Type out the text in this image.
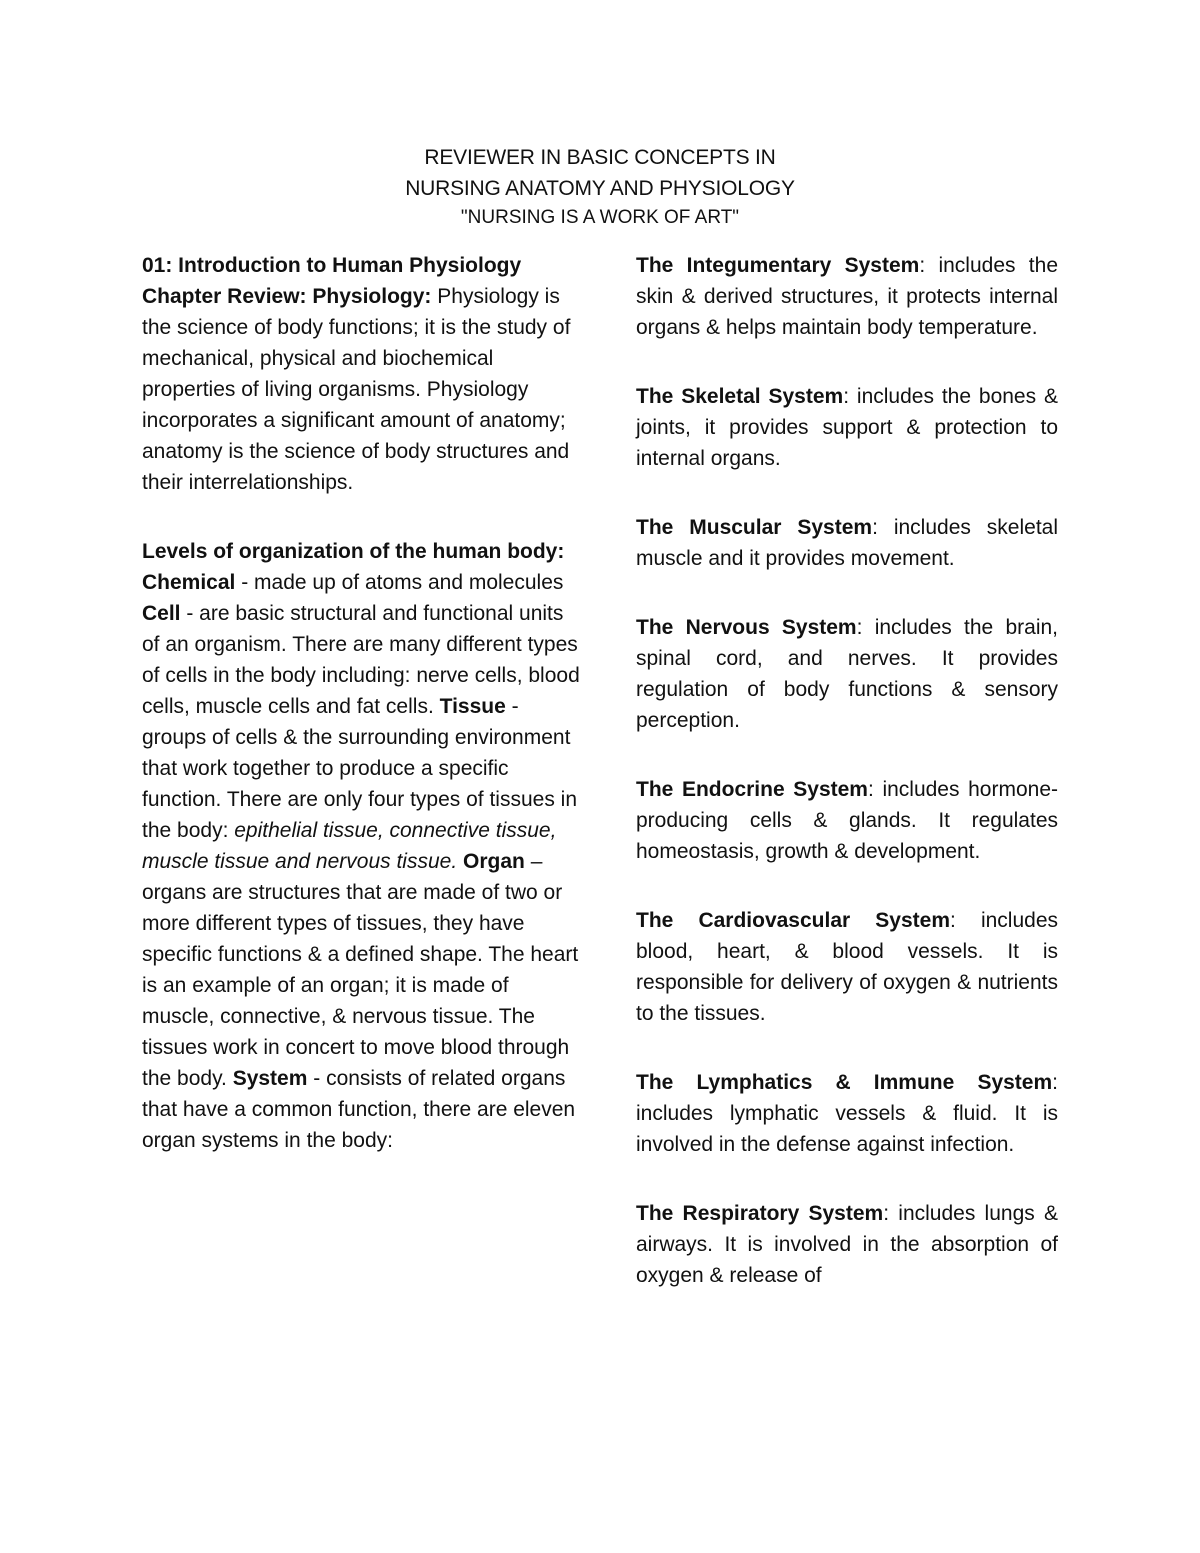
REVIEWER IN BASIC CONCEPTS IN
NURSING ANATOMY AND PHYSIOLOGY
"NURSING IS A WORK OF ART"

01: Introduction to Human Physiology Chapter Review: Physiology: Physiology is the science of body functions; it is the study of mechanical, physical and biochemical properties of living organisms. Physiology incorporates a significant amount of anatomy; anatomy is the science of body structures and their interrelationships.

Levels of organization of the human body: Chemical - made up of atoms and molecules Cell - are basic structural and functional units of an organism. There are many different types of cells in the body including: nerve cells, blood cells, muscle cells and fat cells. Tissue - groups of cells & the surrounding environment that work together to produce a specific function. There are only four types of tissues in the body: epithelial tissue, connective tissue, muscle tissue and nervous tissue. Organ – organs are structures that are made of two or more different types of tissues, they have specific functions & a defined shape. The heart is an example of an organ; it is made of muscle, connective, & nervous tissue. The tissues work in concert to move blood through the body. System - consists of related organs that have a common function, there are eleven organ systems in the body:

The Integumentary System: includes the skin & derived structures, it protects internal organs & helps maintain body temperature.

The Skeletal System: includes the bones & joints, it provides support & protection to internal organs.

The Muscular System: includes skeletal muscle and it provides movement.

The Nervous System: includes the brain, spinal cord, and nerves. It provides regulation of body functions & sensory perception.

The Endocrine System: includes hormone-producing cells & glands. It regulates homeostasis, growth & development.

The Cardiovascular System: includes blood, heart, & blood vessels. It is responsible for delivery of oxygen & nutrients to the tissues.

The Lymphatics & Immune System: includes lymphatic vessels & fluid. It is involved in the defense against infection.

The Respiratory System: includes lungs & airways. It is involved in the absorption of oxygen & release of
